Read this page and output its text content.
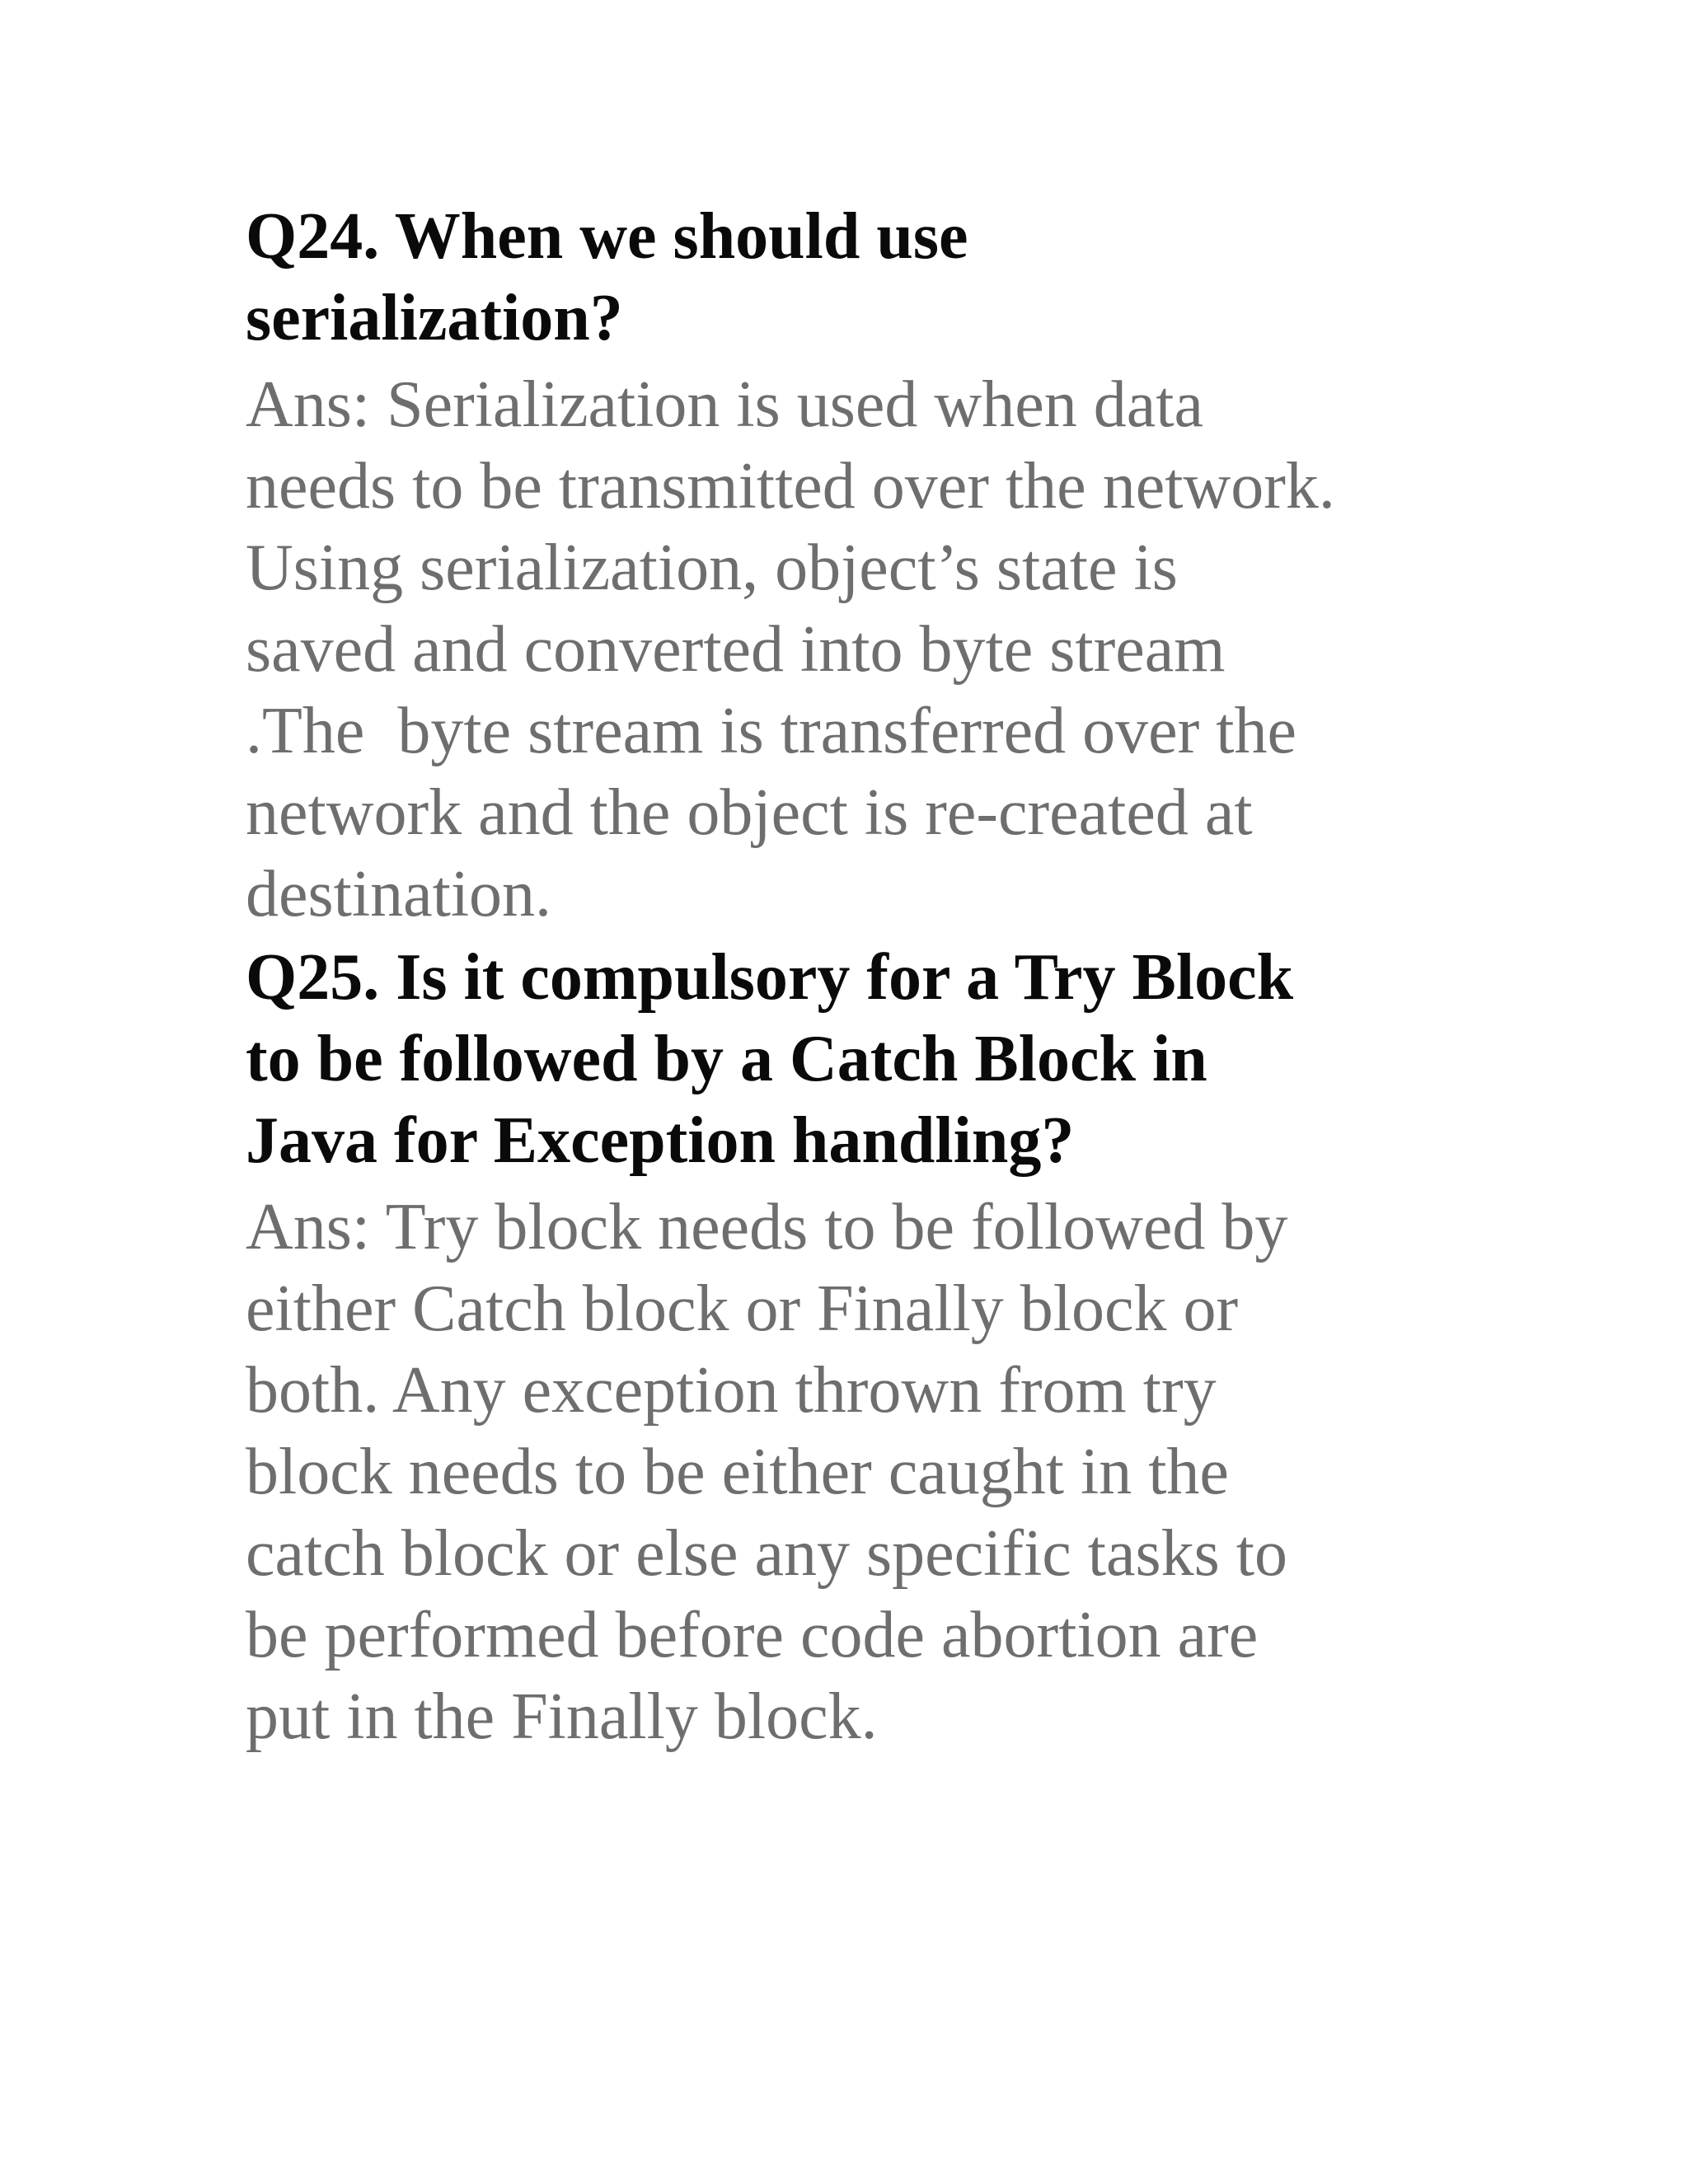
Q24. When we should use
serialization?
Ans: Serialization is used when data
needs to be transmitted over the network.
Using serialization, object’s state is
saved and converted into byte stream
.The  byte stream is transferred over the
network and the object is re-created at
destination.
Q25. Is it compulsory for a Try Block
to be followed by a Catch Block in
Java for Exception handling?
Ans: Try block needs to be followed by
either Catch block or Finally block or
both. Any exception thrown from try
block needs to be either caught in the
catch block or else any specific tasks to
be performed before code abortion are
put in the Finally block.
